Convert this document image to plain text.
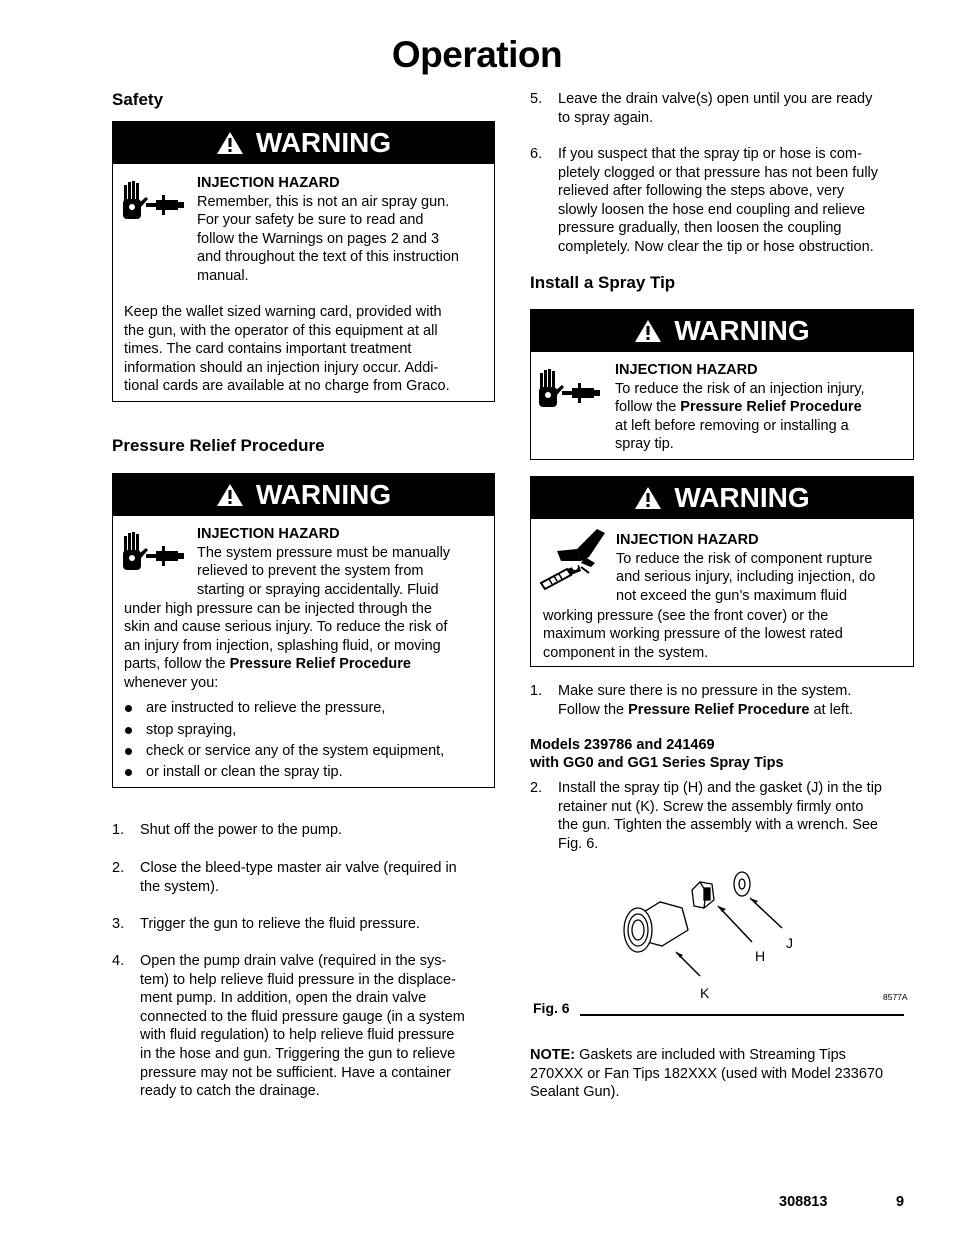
Operation
Safety
WARNING
INJECTION HAZARD
Remember, this is not an air spray gun.
For your safety be sure to read and
follow the Warnings on pages 2 and 3
and throughout the text of this instruction
manual.
Keep the wallet sized warning card, provided with
the gun, with the operator of this equipment at all
times. The card contains important treatment
information should an injection injury occur. Addi-
tional cards are available at no charge from Graco.
Pressure Relief Procedure
WARNING
INJECTION HAZARD
The system pressure must be manually
relieved to prevent the system from
starting or spraying accidentally. Fluid
under high pressure can be injected through the
skin and cause serious injury. To reduce the risk of
an injury from injection, splashing fluid, or moving
parts, follow the Pressure Relief Procedure
whenever you:
are instructed to relieve the pressure,
stop spraying,
check or service any of the system equipment,
or install or clean the spray tip.
1. Shut off the power to the pump.
2. Close the bleed-type master air valve (required in
the system).
3. Trigger the gun to relieve the fluid pressure.
4. Open the pump drain valve (required in the sys-
tem) to help relieve fluid pressure in the displace-
ment pump. In addition, open the drain valve
connected to the fluid pressure gauge (in a system
with fluid regulation) to help relieve fluid pressure
in the hose and gun. Triggering the gun to relieve
pressure may not be sufficient. Have a container
ready to catch the drainage.
5. Leave the drain valve(s) open until you are ready
to spray again.
6. If you suspect that the spray tip or hose is com-
pletely clogged or that pressure has not been fully
relieved after following the steps above, very
slowly loosen the hose end coupling and relieve
pressure gradually, then loosen the coupling
completely. Now clear the tip or hose obstruction.
Install a Spray Tip
WARNING
INJECTION HAZARD
To reduce the risk of an injection injury,
follow the Pressure Relief Procedure
at left before removing or installing a
spray tip.
WARNING
INJECTION HAZARD
To reduce the risk of component rupture
and serious injury, including injection, do
not exceed the gun’s maximum fluid
working pressure (see the front cover) or the
maximum working pressure of the lowest rated
component in the system.
1. Make sure there is no pressure in the system.
Follow the Pressure Relief Procedure at left.
Models 239786 and 241469
with GG0 and GG1 Series Spray Tips
2. Install the spray tip (H) and the gasket (J) in the tip
retainer nut (K). Screw the assembly firmly onto
the gun. Tighten the assembly with a wrench. See
Fig. 6.
J
H
K	8577A
Fig. 6
NOTE: Gaskets are included with Streaming Tips
270XXX or Fan Tips 182XXX (used with Model 233670
Sealant Gun).
308813	9
